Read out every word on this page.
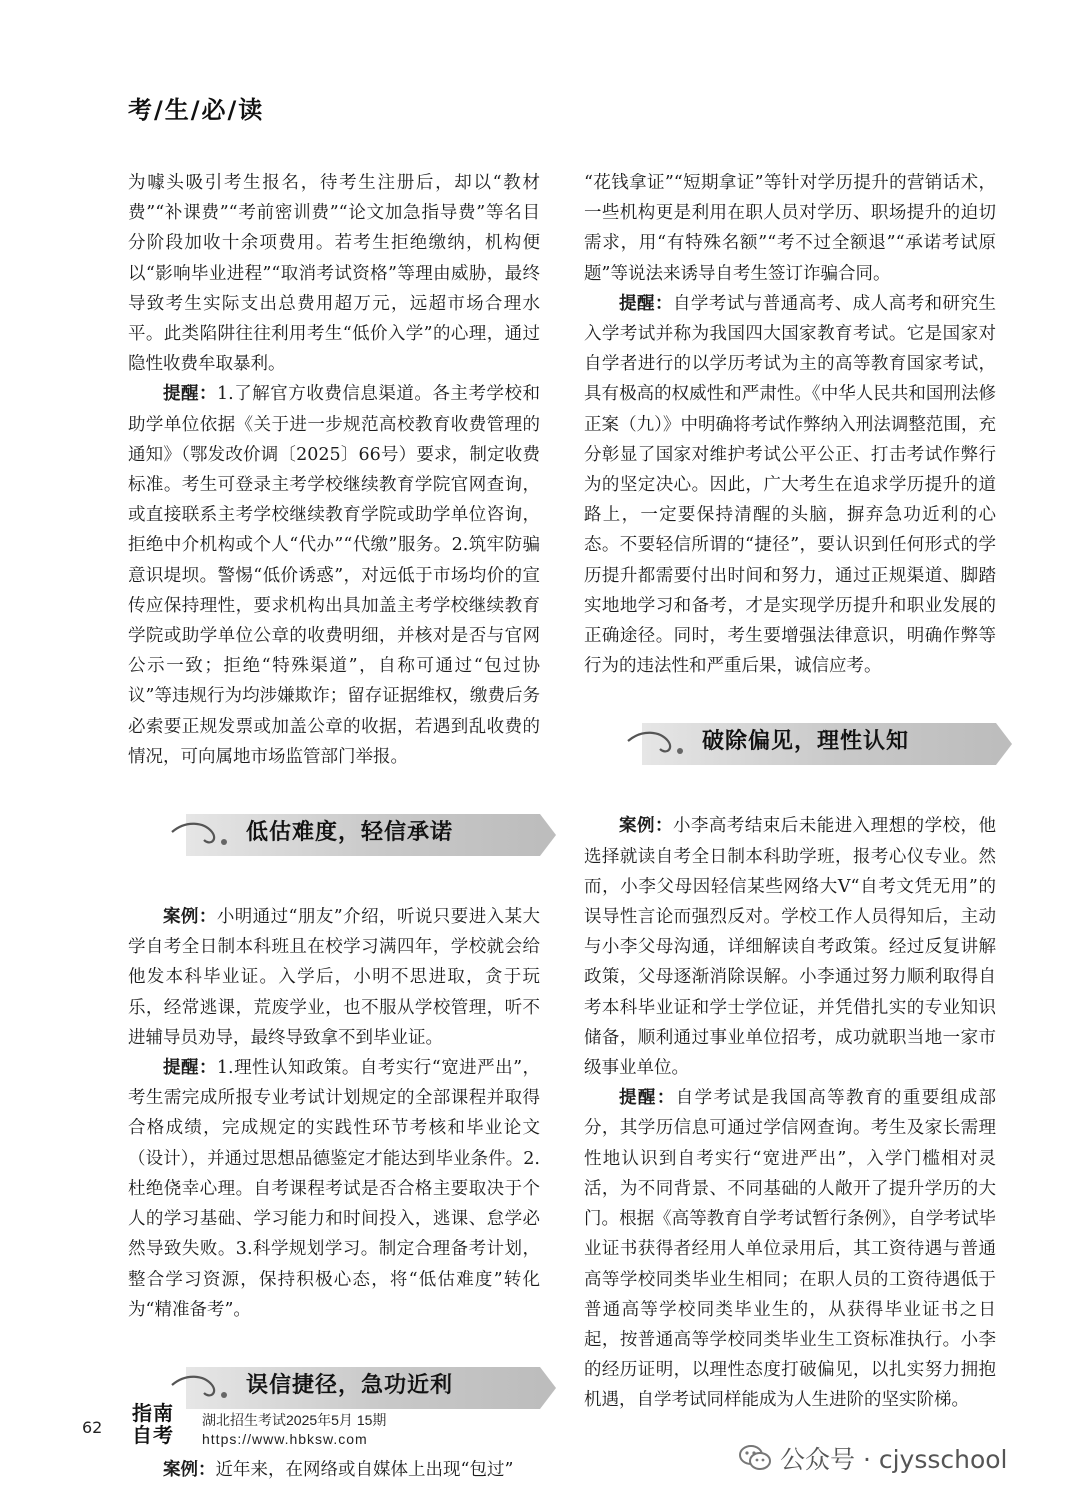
考/生/必/读

为噱头吸引考生报名，待考生注册后，却以“教材费”“补课费”“考前密训费”“论文加急指导费”等名目分阶段加收十余项费用。若考生拒绝缴纳，机构便以“影响毕业进程”“取消考试资格”等理由威胁，最终导致考生实际支出总费用超万元，远超市场合理水平。此类陷阱往往利用考生“低价入学”的心理，通过隐性收费牟取暴利。

提醒：1.了解官方收费信息渠道。各主考学校和助学单位依据《关于进一步规范高校教育收费管理的通知》（鄂发改价调〔2025〕66号）要求，制定收费标准。考生可登录主考学校继续教育学院官网查询，或直接联系主考学校继续教育学院或助学单位咨询，拒绝中介机构或个人“代办”“代缴”服务。2.筑牢防骗意识堤坝。警惕“低价诱惑”，对远低于市场均价的宣传应保持理性，要求机构出具加盖主考学校继续教育学院或助学单位公章的收费明细，并核对是否与官网公示一致；拒绝“特殊渠道”，自称可通过“包过协议”等违规行为均涉嫌欺诈；留存证据维权，缴费后务必索要正规发票或加盖公章的收据，若遇到乱收费的情况，可向属地市场监管部门举报。

低估难度，轻信承诺

案例：小明通过“朋友”介绍，听说只要进入某大学自考全日制本科班且在校学习满四年，学校就会给他发本科毕业证。入学后，小明不思进取，贪于玩乐，经常逃课，荒废学业，也不服从学校管理，听不进辅导员劝导，最终导致拿不到毕业证。

提醒：1.理性认知政策。自考实行“宽进严出”，考生需完成所报专业考试计划规定的全部课程并取得合格成绩，完成规定的实践性环节考核和毕业论文（设计），并通过思想品德鉴定才能达到毕业条件。2.杜绝侥幸心理。自考课程考试是否合格主要取决于个人的学习基础、学习能力和时间投入，逃课、怠学必然导致失败。3.科学规划学习。制定合理备考计划，整合学习资源，保持积极心态，将“低估难度”转化为“精准备考”。

误信捷径，急功近利

案例：近年来，在网络或自媒体上出现“包过”

“花钱拿证”“短期拿证”等针对学历提升的营销话术，一些机构更是利用在职人员对学历、职场提升的迫切需求，用“有特殊名额”“考不过全额退”“承诺考试原题”等说法来诱导自考生签订诈骗合同。

提醒：自学考试与普通高考、成人高考和研究生入学考试并称为我国四大国家教育考试。它是国家对自学者进行的以学历考试为主的高等教育国家考试，具有极高的权威性和严肃性。《中华人民共和国刑法修正案（九）》中明确将考试作弊纳入刑法调整范围，充分彰显了国家对维护考试公平公正、打击考试作弊行为的坚定决心。因此，广大考生在追求学历提升的道路上，一定要保持清醒的头脑，摒弃急功近利的心态。不要轻信所谓的“捷径”，要认识到任何形式的学历提升都需要付出时间和努力，通过正规渠道、脚踏实地地学习和备考，才是实现学历提升和职业发展的正确途径。同时，考生要增强法律意识，明确作弊等行为的违法性和严重后果，诚信应考。

破除偏见，理性认知

案例：小李高考结束后未能进入理想的学校，他选择就读自考全日制本科助学班，报考心仪专业。然而，小李父母因轻信某些网络大V“自考文凭无用”的误导性言论而强烈反对。学校工作人员得知后，主动与小李父母沟通，详细解读自考政策。经过反复讲解政策，父母逐渐消除误解。小李通过努力顺利取得自考本科毕业证和学士学位证，并凭借扎实的专业知识储备，顺利通过事业单位招考，成功就职当地一家市级事业单位。

提醒：自学考试是我国高等教育的重要组成部分，其学历信息可通过学信网查询。考生及家长需理性地认识到自考实行“宽进严出”，入学门槛相对灵活，为不同背景、不同基础的人敞开了提升学历的大门。根据《高等教育自学考试暂行条例》，自学考试毕业证书获得者经用人单位录用后，其工资待遇与普通高等学校同类毕业生相同；在职人员的工资待遇低于普通高等学校同类毕业生的，从获得毕业证书之日起，按普通高等学校同类毕业生工资标准执行。小李的经历证明，以理性态度打破偏见，以扎实努力拥抱机遇，自学考试同样能成为人生进阶的坚实阶梯。

62
指南自考
湖北招生考试2025年5月 15期
https://www.hbksw.com
公众号 · cjysschool
